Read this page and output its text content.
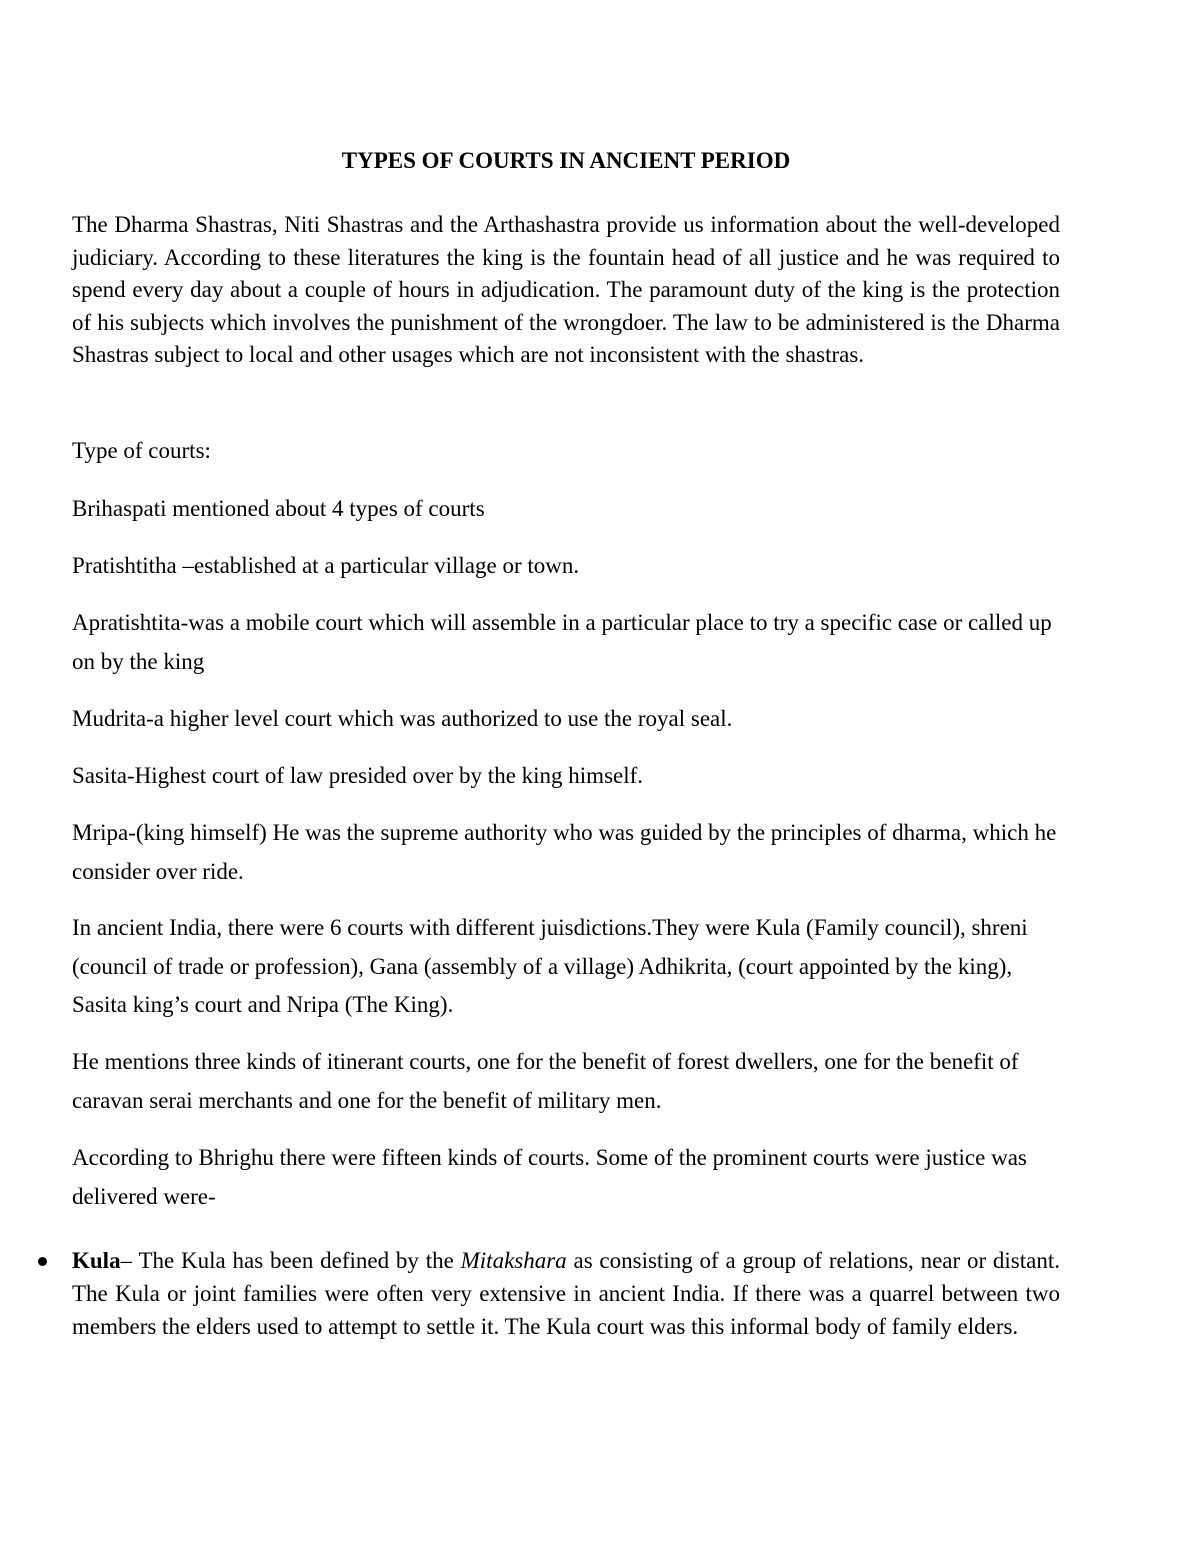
TYPES OF COURTS IN ANCIENT PERIOD

The Dharma Shastras, Niti Shastras and the Arthashastra provide us information about the well-developed judiciary. According to these literatures the king is the fountain head of all justice and he was required to spend every day about a couple of hours in adjudication. The paramount duty of the king is the protection of his subjects which involves the punishment of the wrongdoer. The law to be administered is the Dharma Shastras subject to local and other usages which are not inconsistent with the shastras.

Type of courts:

Brihaspati mentioned about 4 types of courts

Pratishtitha –established at a particular village or town.

Apratishtita-was a mobile court which will assemble in a particular place to try a specific case or called up on by the king

Mudrita-a higher level court which was authorized to use the royal seal.

Sasita-Highest court of law presided over by the king himself.

Mripa-(king himself) He was the supreme authority who was guided by the principles of dharma, which he consider over ride.

In ancient India, there were 6 courts with different juisdictions.They were Kula (Family council), shreni (council of trade or profession), Gana (assembly of a village) Adhikrita, (court appointed by the king), Sasita king’s court and Nripa (The King).

He mentions three kinds of itinerant courts, one for the benefit of forest dwellers, one for the benefit of caravan serai merchants and one for the benefit of military men.

According to Bhrighu there were fifteen kinds of courts. Some of the prominent courts were justice was delivered were-

Kula– The Kula has been defined by the Mitakshara as consisting of a group of relations, near or distant. The Kula or joint families were often very extensive in ancient India. If there was a quarrel between two members the elders used to attempt to settle it. The Kula court was this informal body of family elders.
